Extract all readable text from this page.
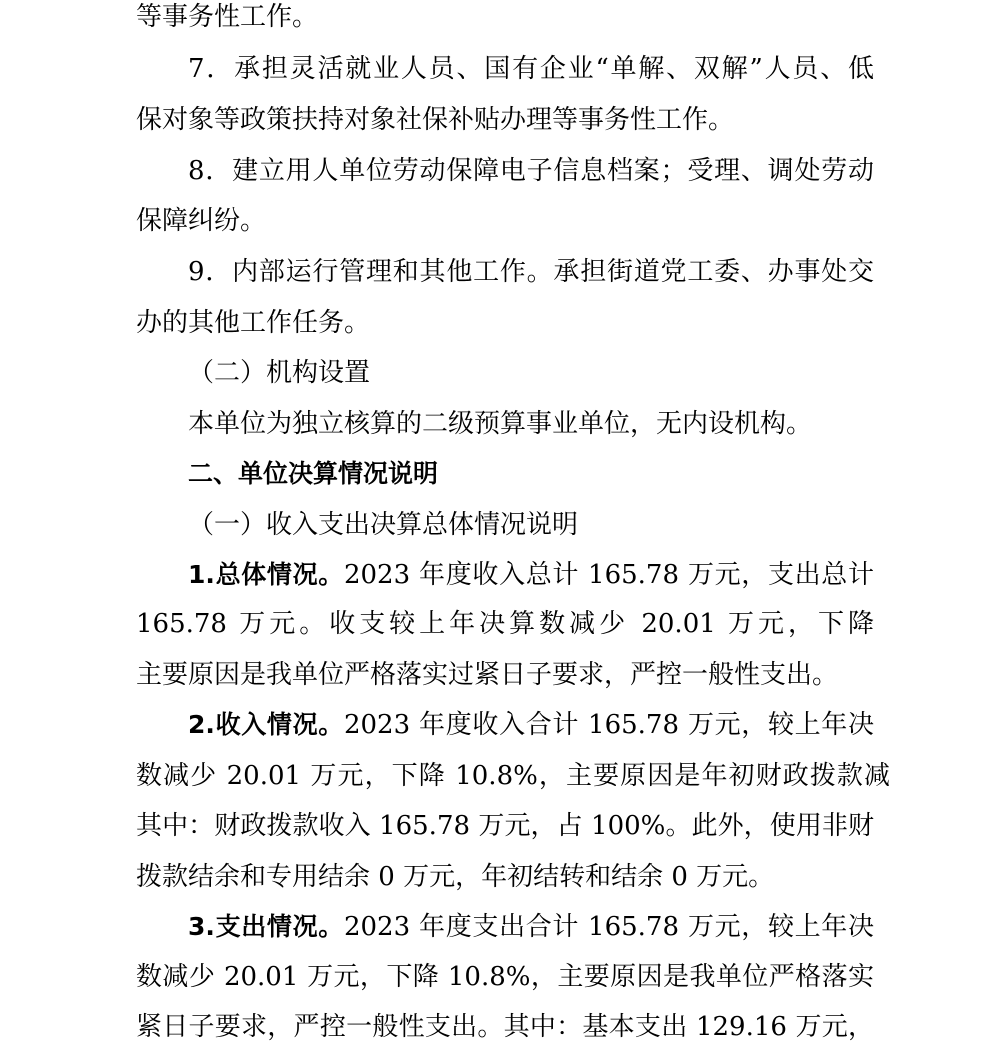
等事务性工作。
7．承担灵活就业人员、国有企业“单解、双解”人员、低
保对象等政策扶持对象社保补贴办理等事务性工作。
8．建立用人单位劳动保障电子信息档案；受理、调处劳动
保障纠纷。
9．内部运行管理和其他工作。承担街道党工委、办事处交
办的其他工作任务。
（二）机构设置
本单位为独立核算的二级预算事业单位，无内设机构。
二、单位决算情况说明
（一）收入支出决算总体情况说明
1.总体情况。2023 年度收入总计 165.78 万元，支出总计
165.78 万元。收支较上年决算数减少 20.01 万元，下降
主要原因是我单位严格落实过紧日子要求，严控一般性支出。
2.收入情况。2023 年度收入合计 165.78 万元，较上年决
数减少 20.01 万元，下降 10.8%，主要原因是年初财政拨款减
其中：财政拨款收入 165.78 万元，占 100%。此外，使用非财
拨款结余和专用结余 0 万元，年初结转和结余 0 万元。
3.支出情况。2023 年度支出合计 165.78 万元，较上年决
数减少 20.01 万元，下降 10.8%，主要原因是我单位严格落实
紧日子要求，严控一般性支出。其中：基本支出 129.16 万元，
